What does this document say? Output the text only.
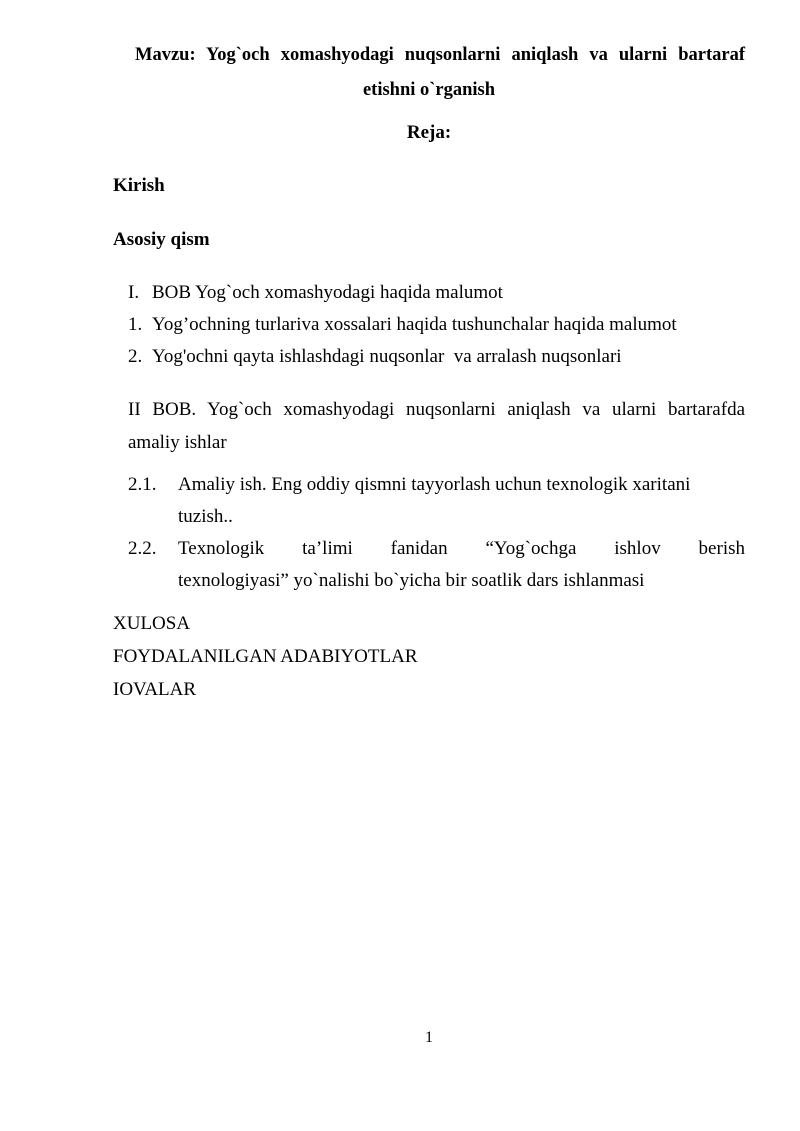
Mavzu: Yog`och xomashyodagi nuqsonlarni aniqlash va ularni bartaraf etishni o`rganish

Reja:

Kirish

Asosiy qism

I. BOB Yog`och xomashyodagi haqida malumot
1. Yog’ochning turlariva xossalari haqida tushunchalar haqida malumot
2. Yog'ochni qayta ishlashdagi nuqsonlar  va arralash nuqsonlari

II BOB. Yog`och xomashyodagi nuqsonlarni aniqlash va ularni bartarafda amaliy ishlar

2.1.	Amaliy ish. Eng oddiy qismni tayyorlash uchun texnologik xaritani tuzish..
2.2.	Texnologik ta’limi fanidan “Yog`ochga ishlov berish
texnologiyasi” yo`nalishi bo`yicha bir soatlik dars ishlanmasi

XULOSA

FOYDALANILGAN ADABIYOTLAR

IOVALAR

1
